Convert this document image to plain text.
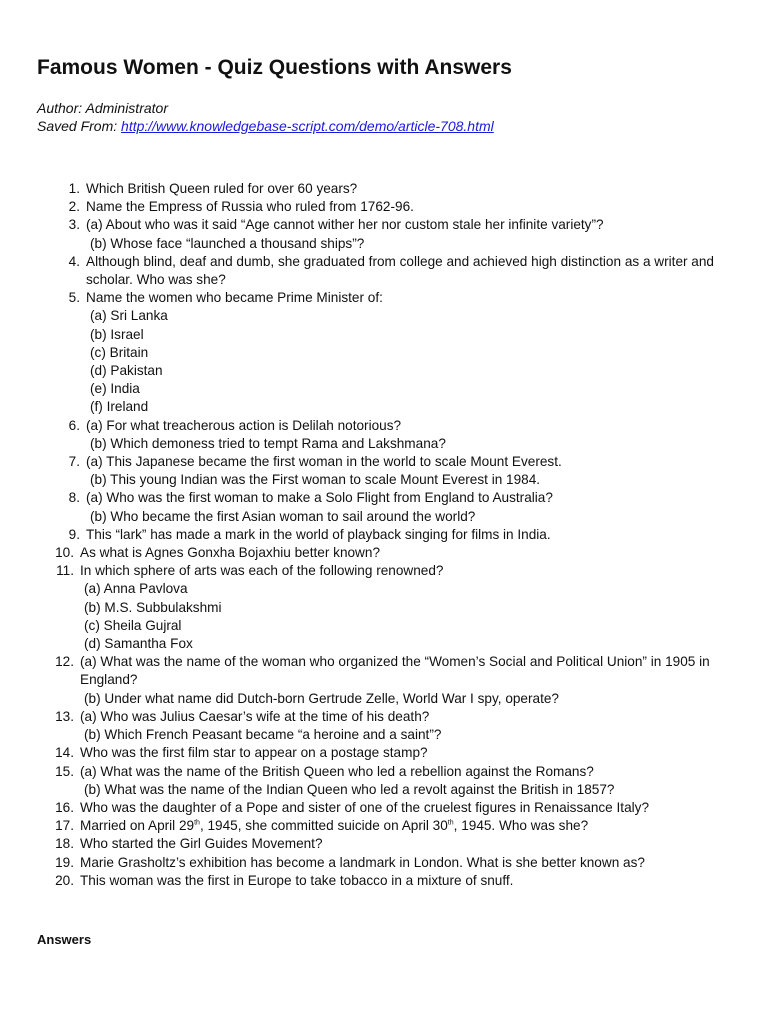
Famous Women - Quiz Questions with Answers
Author: Administrator
Saved From: http://www.knowledgebase-script.com/demo/article-708.html
1. Which British Queen ruled for over 60 years?
2. Name the Empress of Russia who ruled from 1762-96.
3. (a) About who was it said “Age cannot wither her nor custom stale her infinite variety”?
(b) Whose face “launched a thousand ships”?
4. Although blind, deaf and dumb, she graduated from college and achieved high distinction as a writer and scholar. Who was she?
5. Name the women who became Prime Minister of:
(a) Sri Lanka
(b) Israel
(c) Britain
(d) Pakistan
(e) India
(f) Ireland
6. (a) For what treacherous action is Delilah notorious?
(b) Which demoness tried to tempt Rama and Lakshmana?
7. (a) This Japanese became the first woman in the world to scale Mount Everest.
(b) This young Indian was the First woman to scale Mount Everest in 1984.
8. (a) Who was the first woman to make a Solo Flight from England to Australia?
(b) Who became the first Asian woman to sail around the world?
9. This “lark” has made a mark in the world of playback singing for films in India.
10. As what is Agnes Gonxha Bojaxhiu better known?
11. In which sphere of arts was each of the following renowned?
(a) Anna Pavlova
(b) M.S. Subbulakshmi
(c) Sheila Gujral
(d) Samantha Fox
12. (a) What was the name of the woman who organized the “Women’s Social and Political Union” in 1905 in England?
(b) Under what name did Dutch-born Gertrude Zelle, World War I spy, operate?
13. (a) Who was Julius Caesar’s wife at the time of his death?
(b) Which French Peasant became “a heroine and a saint”?
14. Who was the first film star to appear on a postage stamp?
15. (a) What was the name of the British Queen who led a rebellion against the Romans?
(b) What was the name of the Indian Queen who led a revolt against the British in 1857?
16. Who was the daughter of a Pope and sister of one of the cruelest figures in Renaissance Italy?
17. Married on April 29th, 1945, she committed suicide on April 30th, 1945. Who was she?
18. Who started the Girl Guides Movement?
19. Marie Grasholtz’s exhibition has become a landmark in London. What is she better known as?
20. This woman was the first in Europe to take tobacco in a mixture of snuff.
Answers
